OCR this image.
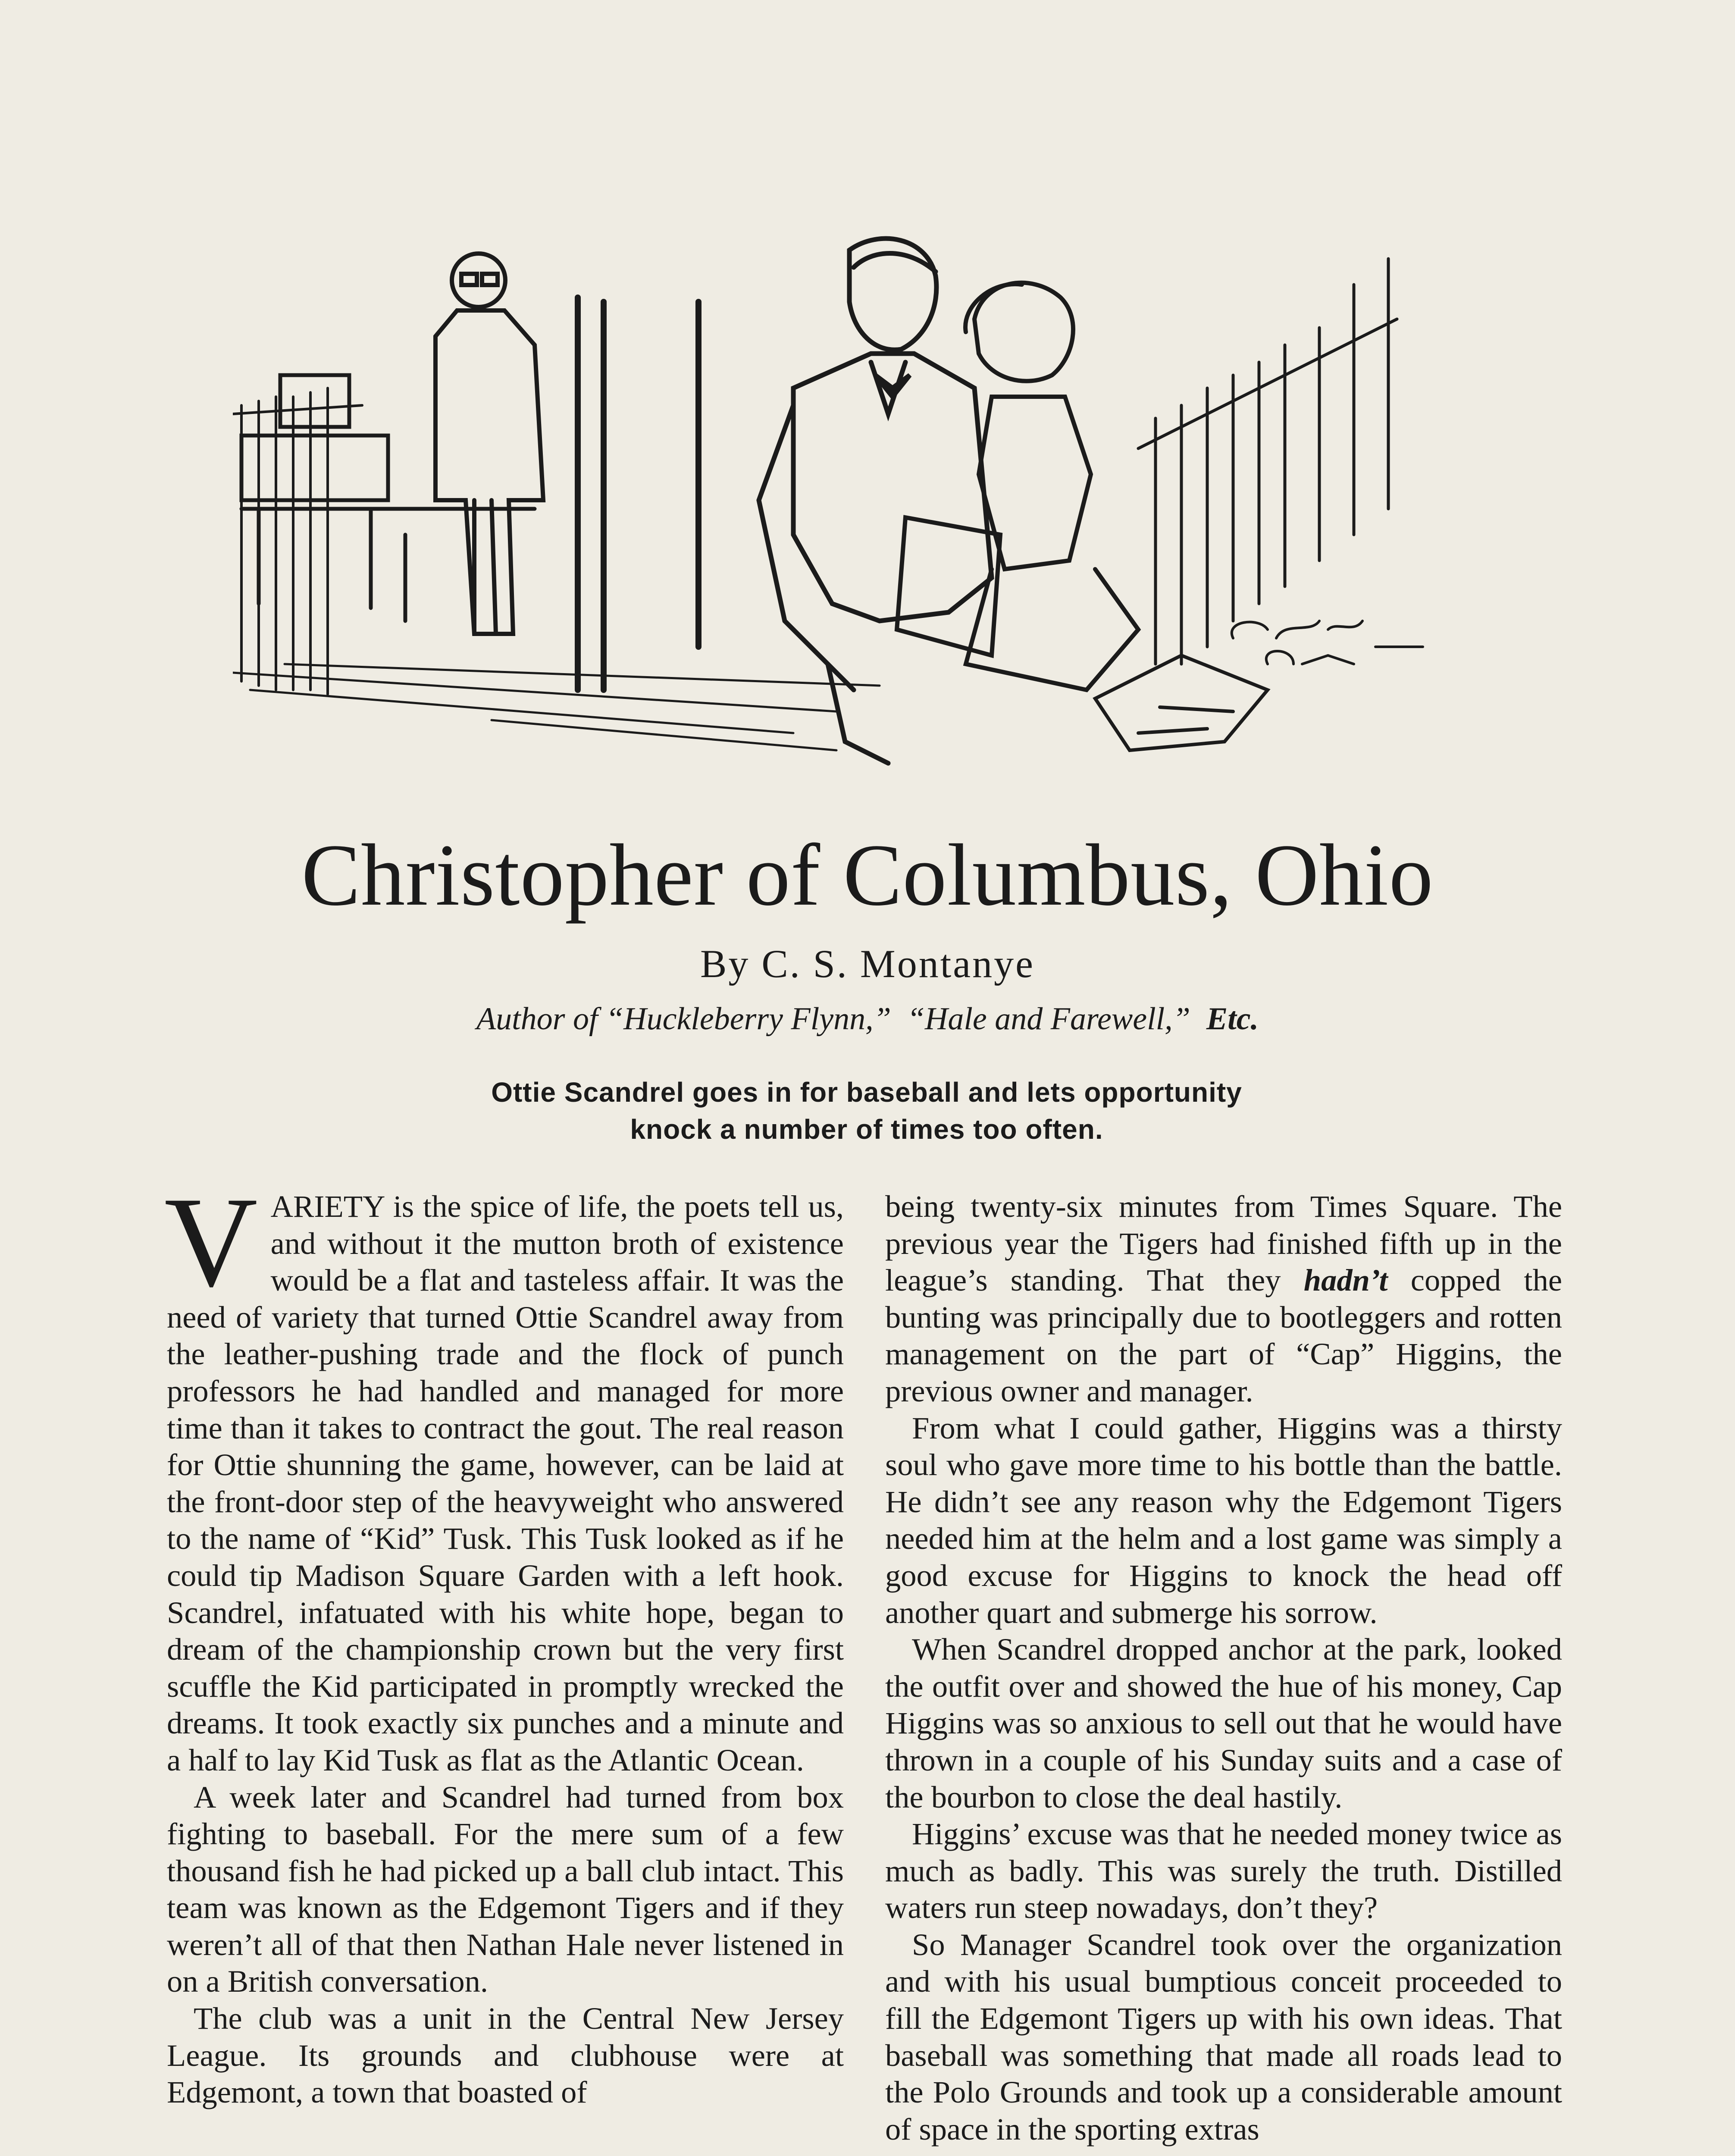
Christopher of Columbus, Ohio
By C. S. Montanye
Author of “Huckleberry Flynn,” “Hale and Farewell,” Etc.
Ottie Scandrel goes in for baseball and lets opportunity knock a number of times too often.

VARIETY is the spice of life, the poets tell us, and without it the mutton broth of existence would be a flat and tasteless affair. It was the need of variety that turned Ottie Scandrel away from the leather-pushing trade and the flock of punch professors he had handled and managed for more time than it takes to contract the gout. The real reason for Ottie shunning the game, however, can be laid at the front-door step of the heavyweight who answered to the name of “Kid” Tusk. This Tusk looked as if he could tip Madison Square Garden with a left hook. Scandrel, infatuated with his white hope, began to dream of the championship crown but the very first scuffle the Kid participated in promptly wrecked the dreams. It took exactly six punches and a minute and a half to lay Kid Tusk as flat as the Atlantic Ocean.

A week later and Scandrel had turned from box fighting to baseball. For the mere sum of a few thousand fish he had picked up a ball club intact. This team was known as the Edgemont Tigers and if they weren’t all of that then Nathan Hale never listened in on a British conversation.

The club was a unit in the Central New Jersey League. Its grounds and clubhouse were at Edgemont, a town that boasted of

being twenty-six minutes from Times Square. The previous year the Tigers had finished fifth up in the league’s standing. That they hadn’t copped the bunting was principally due to bootleggers and rotten management on the part of “Cap” Higgins, the previous owner and manager.

From what I could gather, Higgins was a thirsty soul who gave more time to his bottle than the battle. He didn’t see any reason why the Edgemont Tigers needed him at the helm and a lost game was simply a good excuse for Higgins to knock the head off another quart and submerge his sorrow.

When Scandrel dropped anchor at the park, looked the outfit over and showed the hue of his money, Cap Higgins was so anxious to sell out that he would have thrown in a couple of his Sunday suits and a case of the bourbon to close the deal hastily.

Higgins’ excuse was that he needed money twice as much as badly. This was surely the truth. Distilled waters run steep nowadays, don’t they?

So Manager Scandrel took over the organization and with his usual bumptious conceit proceeded to fill the Edgemont Tigers up with his own ideas. That baseball was something that made all roads lead to the Polo Grounds and took up a considerable amount of space in the sporting extras
